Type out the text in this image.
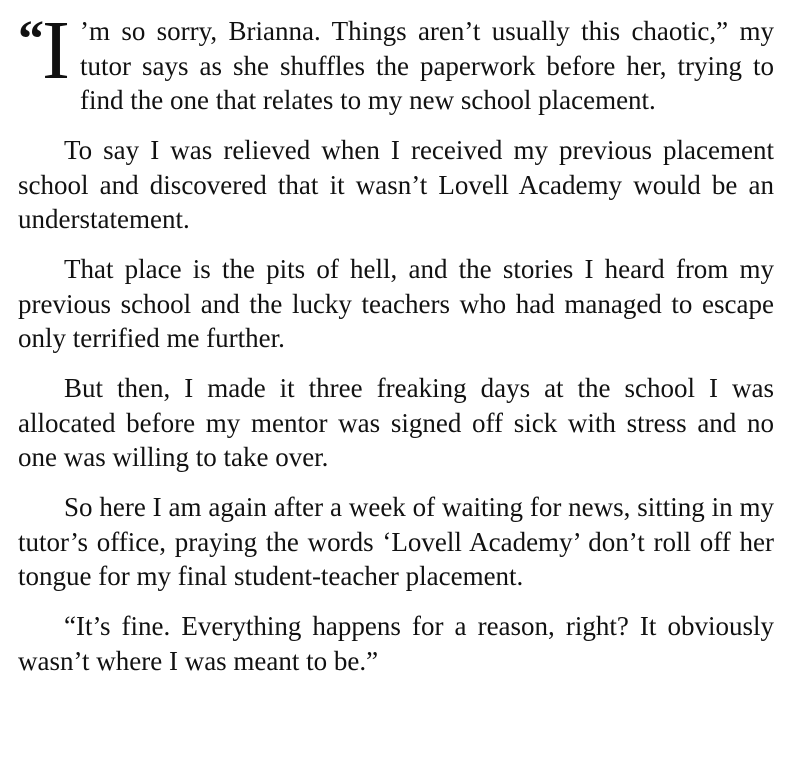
“ I ’m so sorry, Brianna. Things aren’t usually this chaotic,” my tutor says as she shuffles the paperwork before her, trying to find the one that relates to my new school placement.

To say I was relieved when I received my previous placement school and discovered that it wasn’t Lovell Academy would be an understatement.

That place is the pits of hell, and the stories I heard from my previous school and the lucky teachers who had managed to escape only terrified me further.

But then, I made it three freaking days at the school I was allocated before my mentor was signed off sick with stress and no one was willing to take over.

So here I am again after a week of waiting for news, sitting in my tutor’s office, praying the words ‘Lovell Academy’ don’t roll off her tongue for my final student-teacher placement.

“It’s fine. Everything happens for a reason, right? It obviously wasn’t where I was meant to be.”
